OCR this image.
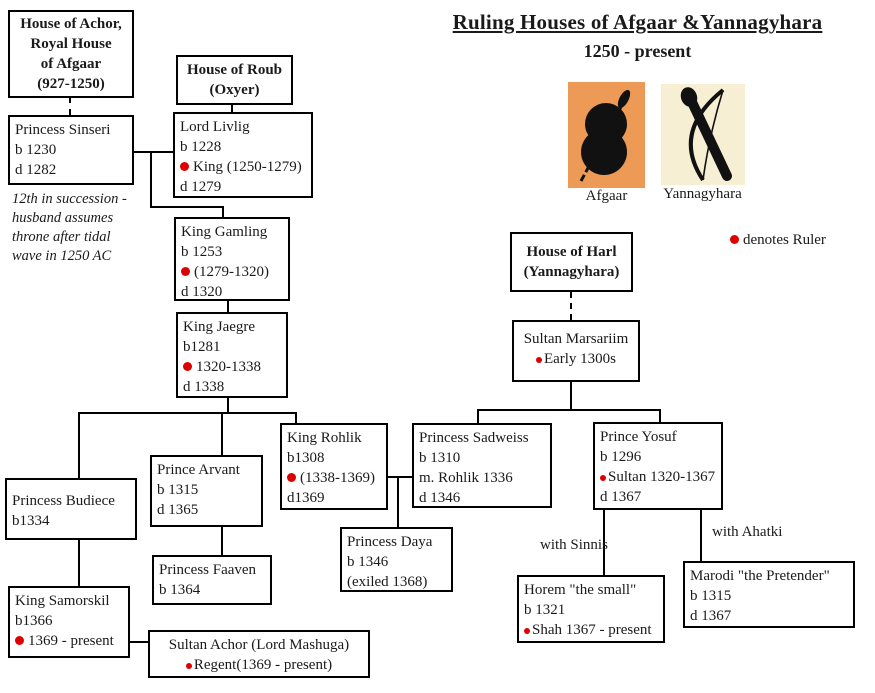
Ruling Houses of Afgaar &Yannagyhara
1250 - present
Afgaar	Yannagyhara
denotes Ruler
12th in succession -
husband assumes
throne after tidal
wave in 1250 AC
with Sinnis
with Ahatki
House of Achor,
Royal House
of Afgaar
(927-1250)
House of Roub
(Oxyer)
Princess Sinseri
b 1230
d 1282
Lord Livlig
b 1228
King (1250-1279)
d 1279
King Gamling
b 1253
(1279-1320)
d 1320
King Jaegre
b1281
1320-1338
d 1338
Princess Budiece
b1334
Prince Arvant
b 1315
d 1365
Princess Faaven
b 1364
King Samorskil
b1366
1369 - present	Sultan Achor (Lord Mashuga)
Regent(1369 - present)
King Rohlik
b1308
(1338-1369)
d1369
Princess Sadweiss
b 1310
m. Rohlik 1336
d 1346
Princess Daya
b 1346
(exiled 1368)
House of Harl
(Yannagyhara)
Sultan Marsariim
Early 1300s
Prince Yosuf
b 1296
Sultan 1320-1367
d 1367
Horem "the small"
b 1321
Shah 1367 - present
Marodi "the Pretender"
b 1315
d 1367
